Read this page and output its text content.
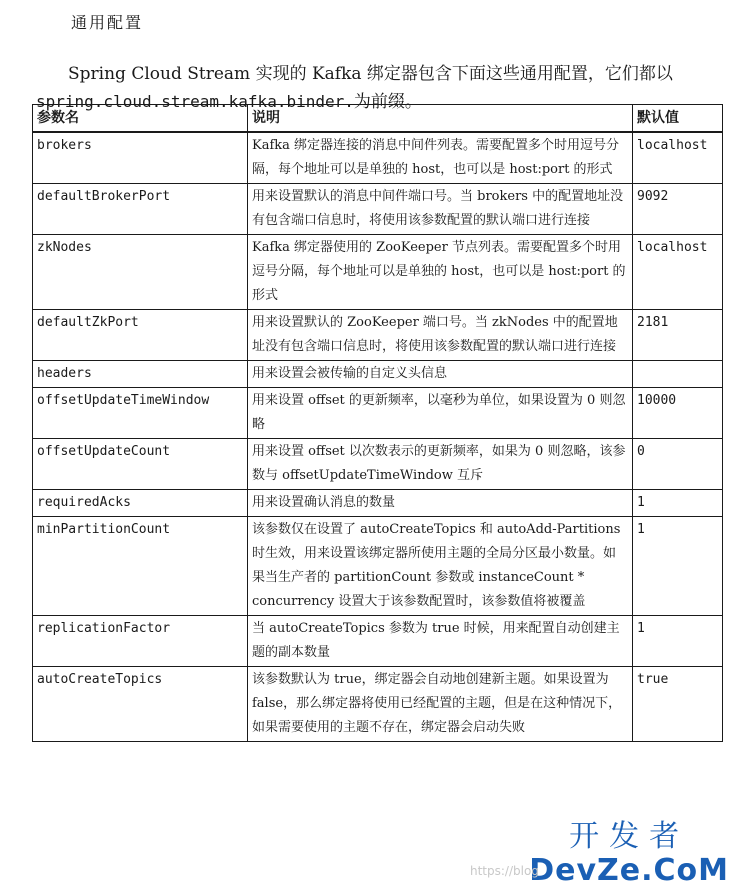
通用配置

Spring Cloud Stream 实现的 Kafka 绑定器包含下面这些通用配置，它们都以
spring.cloud.stream.kafka.binder.为前缀。

参数名	说明	默认值
brokers	Kafka 绑定器连接的消息中间件列表。需要配置多个时用逗号分隔，每个地址可以是单独的 host，也可以是 host:port 的形式	localhost
defaultBrokerPort	用来设置默认的消息中间件端口号。当 brokers 中的配置地址没有包含端口信息时，将使用该参数配置的默认端口进行连接	9092
zkNodes	Kafka 绑定器使用的 ZooKeeper 节点列表。需要配置多个时用逗号分隔，每个地址可以是单独的 host，也可以是 host:port 的形式	localhost
defaultZkPort	用来设置默认的 ZooKeeper 端口号。当 zkNodes 中的配置地址没有包含端口信息时，将使用该参数配置的默认端口进行连接	2181
headers	用来设置会被传输的自定义头信息	
offsetUpdateTimeWindow	用来设置 offset 的更新频率，以毫秒为单位，如果设置为 0 则忽略	10000
offsetUpdateCount	用来设置 offset 以次数表示的更新频率，如果为 0 则忽略，该参数与 offsetUpdateTimeWindow 互斥	0
requiredAcks	用来设置确认消息的数量	1
minPartitionCount	该参数仅在设置了 autoCreateTopics 和 autoAdd-Partitions 时生效，用来设置该绑定器所使用主题的全局分区最小数量。如果当生产者的 partitionCount 参数或 instanceCount * concurrency 设置大于该参数配置时，该参数值将被覆盖	1
replicationFactor	当 autoCreateTopics 参数为 true 时候，用来配置自动创建主题的副本数量	1
autoCreateTopics	该参数默认为 true，绑定器会自动地创建新主题。如果设置为 false，那么绑定器将使用已经配置的主题，但是在这种情况下，如果需要使用的主题不存在，绑定器会启动失败	true
开发者
DevZe.CoM
https://blog
